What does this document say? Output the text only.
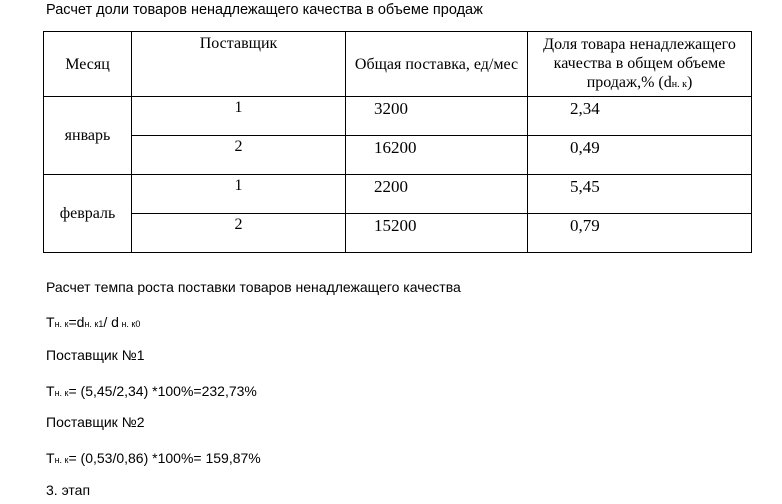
Расчет доли товаров ненадлежащего качества в объеме продаж
Месяц	Поставщик	Общая поставка, ед/мес	Доля товара ненадлежащего качества в общем объеме продаж,% (dн. к)
январь	1	3200	2,34
	2	16200	0,49
февраль	1	2200	5,45
	2	15200	0,79
Расчет темпа роста поставки товаров ненадлежащего качества
Tн. к=dн. к1/ d н. к0
Поставщик №1
Tн. к= (5,45/2,34) *100%=232,73%
Поставщик №2
Tн. к= (0,53/0,86) *100%= 159,87%
3. этап
